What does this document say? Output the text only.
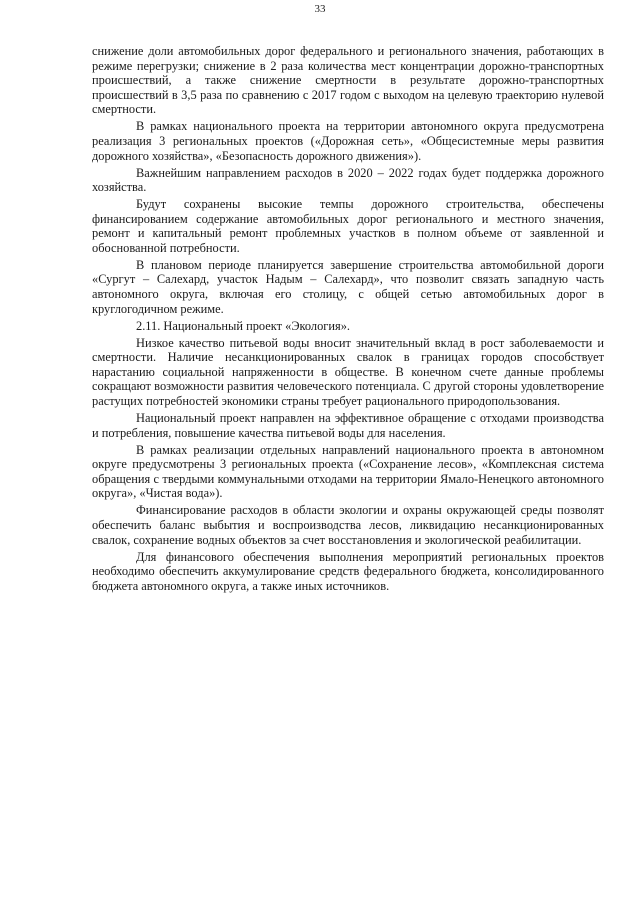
33

снижение доли автомобильных дорог федерального и регионального значения, работающих в режиме перегрузки; снижение в 2 раза количества мест концентрации дорожно-транспортных происшествий, а также снижение смертности в результате дорожно-транспортных происшествий в 3,5 раза по сравнению с 2017 годом с выходом на целевую траекторию нулевой смертности.

В рамках национального проекта на территории автономного округа предусмотрена реализация 3 региональных проектов («Дорожная сеть», «Общесистемные меры развития дорожного хозяйства», «Безопасность дорожного движения»).

Важнейшим направлением расходов в 2020 – 2022 годах будет поддержка дорожного хозяйства.

Будут сохранены высокие темпы дорожного строительства, обеспечены финансированием содержание автомобильных дорог регионального и местного значения, ремонт и капитальный ремонт проблемных участков в полном объеме от заявленной и обоснованной потребности.

В плановом периоде планируется завершение строительства автомобильной дороги «Сургут – Салехард, участок Надым – Салехард», что позволит связать западную часть автономного округа, включая его столицу, с общей сетью автомобильных дорог в круглогодичном режиме.

2.11. Национальный проект «Экология».

Низкое качество питьевой воды вносит значительный вклад в рост заболеваемости и смертности. Наличие несанкционированных свалок в границах городов способствует нарастанию социальной напряженности в обществе. В конечном счете данные проблемы сокращают возможности развития человеческого потенциала. С другой стороны удовлетворение растущих потребностей экономики страны требует рационального природопользования.

Национальный проект направлен на эффективное обращение с отходами производства и потребления, повышение качества питьевой воды для населения.

В рамках реализации отдельных направлений национального проекта в автономном округе предусмотрены 3 региональных проекта («Сохранение лесов», «Комплексная система обращения с твердыми коммунальными отходами на территории Ямало-Ненецкого автономного округа», «Чистая вода»).

Финансирование расходов в области экологии и охраны окружающей среды позволят обеспечить баланс выбытия и воспроизводства лесов, ликвидацию несанкционированных свалок, сохранение водных объектов за счет восстановления и экологической реабилитации.

Для финансового обеспечения выполнения мероприятий региональных проектов необходимо обеспечить аккумулирование средств федерального бюджета, консолидированного бюджета автономного округа, а также иных источников.
